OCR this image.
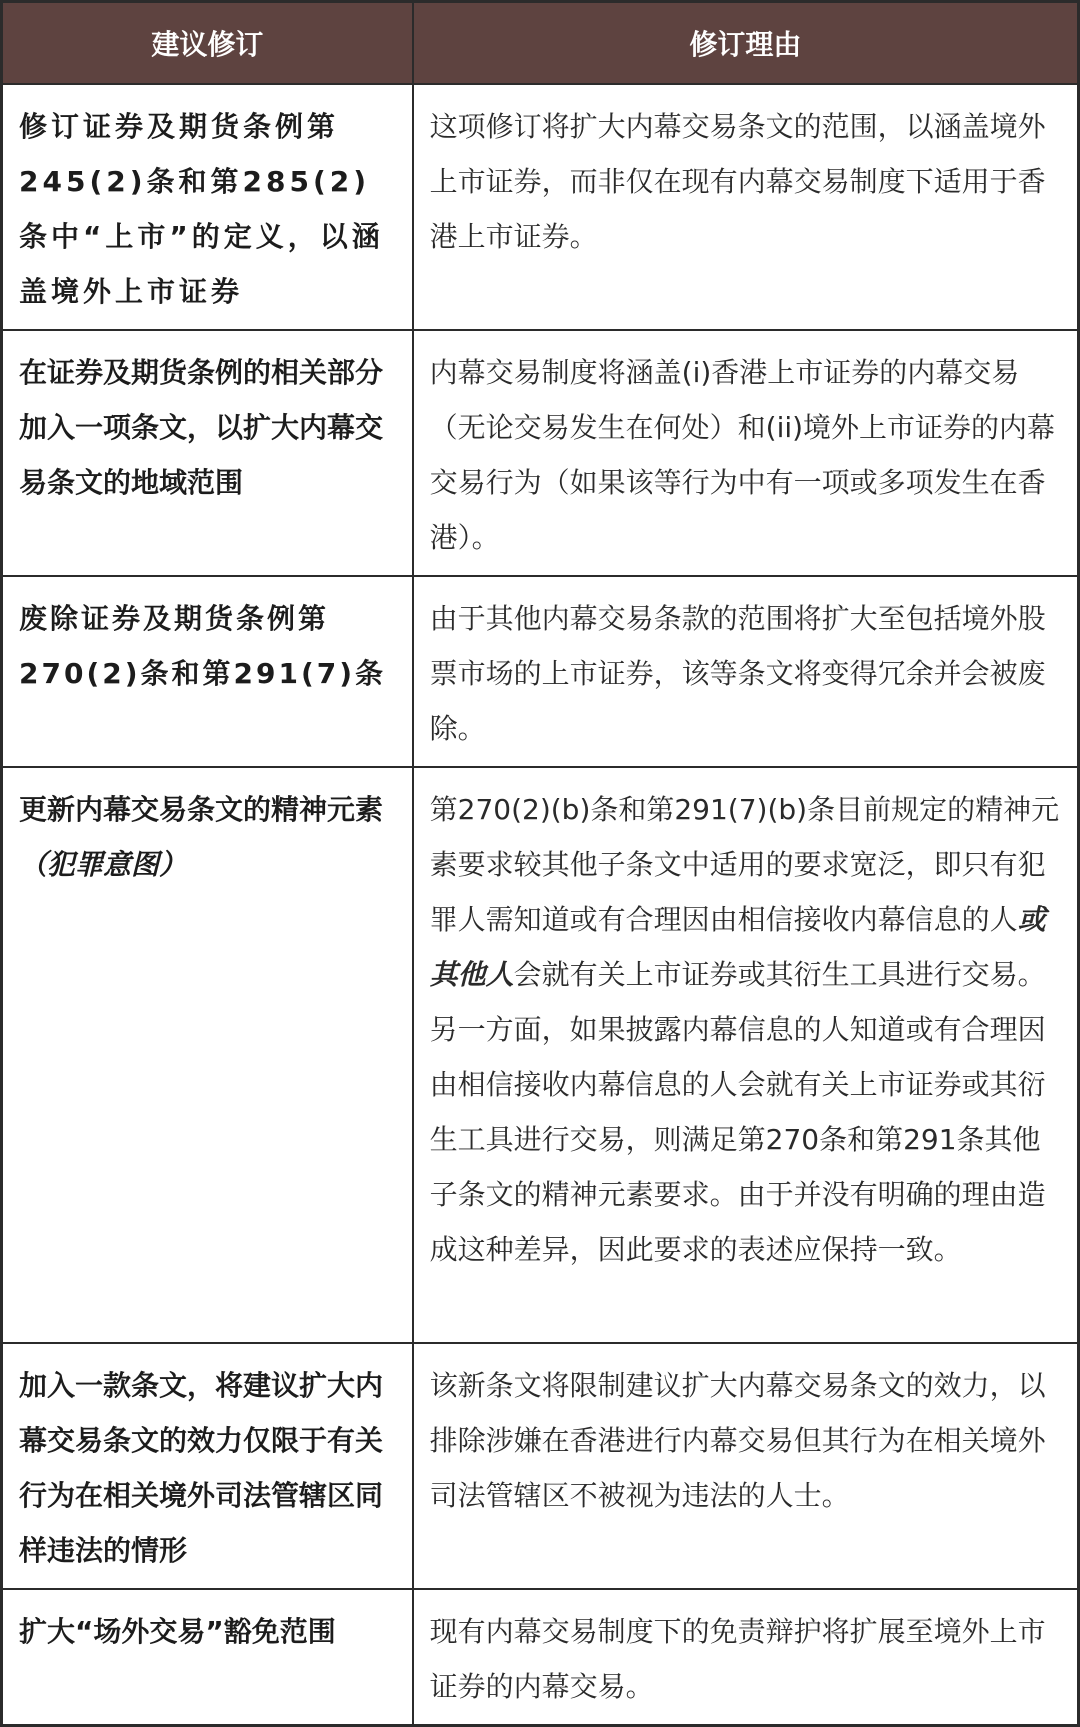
建议修订	修订理由
修订证券及期货条例第245(2)条和第285(2)条中“上市”的定义，以涵盖境外上市证券	这项修订将扩大内幕交易条文的范围，以涵盖境外上市证券，而非仅在现有内幕交易制度下适用于香港上市证券。
在证券及期货条例的相关部分加入一项条文，以扩大内幕交易条文的地域范围	内幕交易制度将涵盖(i)香港上市证券的内幕交易（无论交易发生在何处）和(ii)境外上市证券的内幕交易行为（如果该等行为中有一项或多项发生在香港）。
废除证券及期货条例第270(2)条和第291(7)条	由于其他内幕交易条款的范围将扩大至包括境外股票市场的上市证券，该等条文将变得冗余并会被废除。
更新内幕交易条文的精神元素（犯罪意图）	第270(2)(b)条和第291(7)(b)条目前规定的精神元素要求较其他子条文中适用的要求宽泛，即只有犯罪人需知道或有合理因由相信接收内幕信息的人或其他人会就有关上市证券或其衍生工具进行交易。另一方面，如果披露内幕信息的人知道或有合理因由相信接收内幕信息的人会就有关上市证券或其衍生工具进行交易，则满足第270条和第291条其他子条文的精神元素要求。由于并没有明确的理由造成这种差异，因此要求的表述应保持一致。
加入一款条文，将建议扩大内幕交易条文的效力仅限于有关行为在相关境外司法管辖区同样违法的情形	该新条文将限制建议扩大内幕交易条文的效力，以排除涉嫌在香港进行内幕交易但其行为在相关境外司法管辖区不被视为违法的人士。
扩大“场外交易”豁免范围	现有内幕交易制度下的免责辩护将扩展至境外上市证券的内幕交易。
